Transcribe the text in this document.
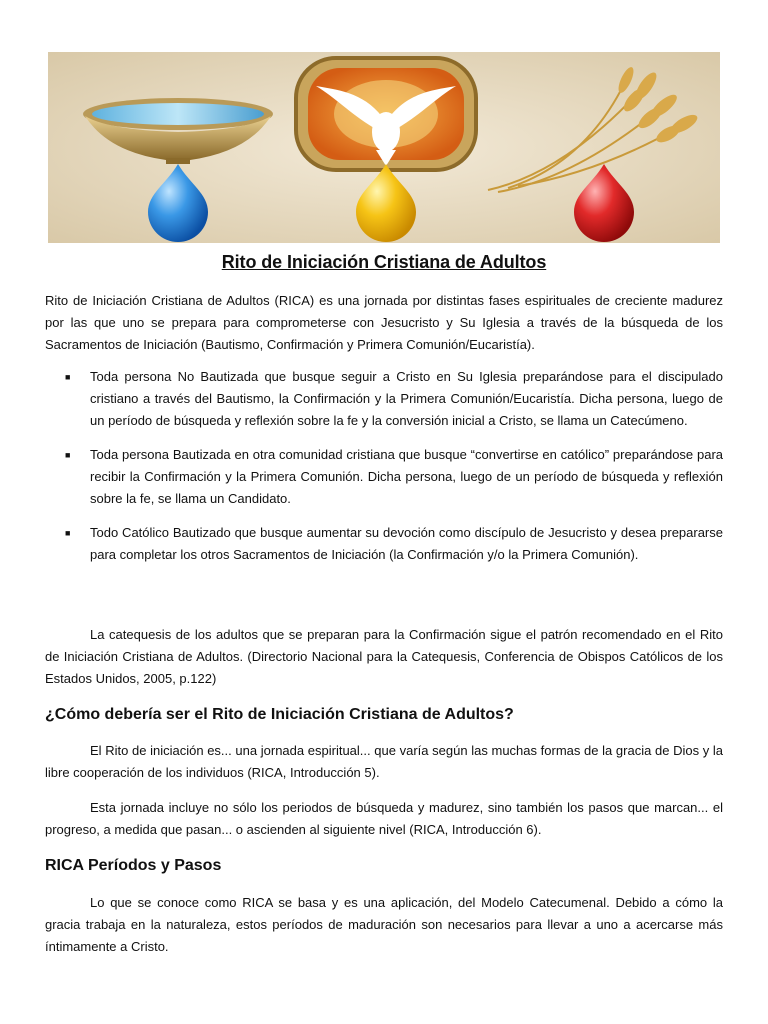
Rito de Iniciación Cristiana de Adultos
Rito de Iniciación Cristiana de Adultos (RICA) es una jornada por distintas fases espirituales de creciente madurez por las que uno se prepara para comprometerse con Jesucristo y Su Iglesia a través de la búsqueda de los Sacramentos de Iniciación (Bautismo, Confirmación y Primera Comunión/Eucaristía).
■ Toda persona No Bautizada que busque seguir a Cristo en Su Iglesia preparándose para el discipulado cristiano a través del Bautismo, la Confirmación y la Primera Comunión/Eucaristía. Dicha persona, luego de un período de búsqueda y reflexión sobre la fe y la conversión inicial a Cristo, se llama un Catecúmeno.
■ Toda persona Bautizada en otra comunidad cristiana que busque “convertirse en católico” preparándose para recibir la Confirmación y la Primera Comunión. Dicha persona, luego de un período de búsqueda y reflexión sobre la fe, se llama un Candidato.
■ Todo Católico Bautizado que busque aumentar su devoción como discípulo de Jesucristo y desea prepararse para completar los otros Sacramentos de Iniciación (la Confirmación y/o la Primera Comunión).
La catequesis de los adultos que se preparan para la Confirmación sigue el patrón recomendado en el Rito de Iniciación Cristiana de Adultos. (Directorio Nacional para la Catequesis, Conferencia de Obispos Católicos de los Estados Unidos, 2005, p.122)
¿Cómo debería ser el Rito de Iniciación Cristiana de Adultos?
El Rito de iniciación es... una jornada espiritual... que varía según las muchas formas de la gracia de Dios y la libre cooperación de los individuos (RICA, Introducción 5).
Esta jornada incluye no sólo los periodos de búsqueda y madurez, sino también los pasos que marcan... el progreso, a medida que pasan... o ascienden al siguiente nivel (RICA, Introducción 6).
RICA Períodos y Pasos
Lo que se conoce como RICA se basa y es una aplicación, del Modelo Catecumenal. Debido a cómo la gracia trabaja en la naturaleza, estos períodos de maduración son necesarios para llevar a uno a acercarse más íntimamente a Cristo.
